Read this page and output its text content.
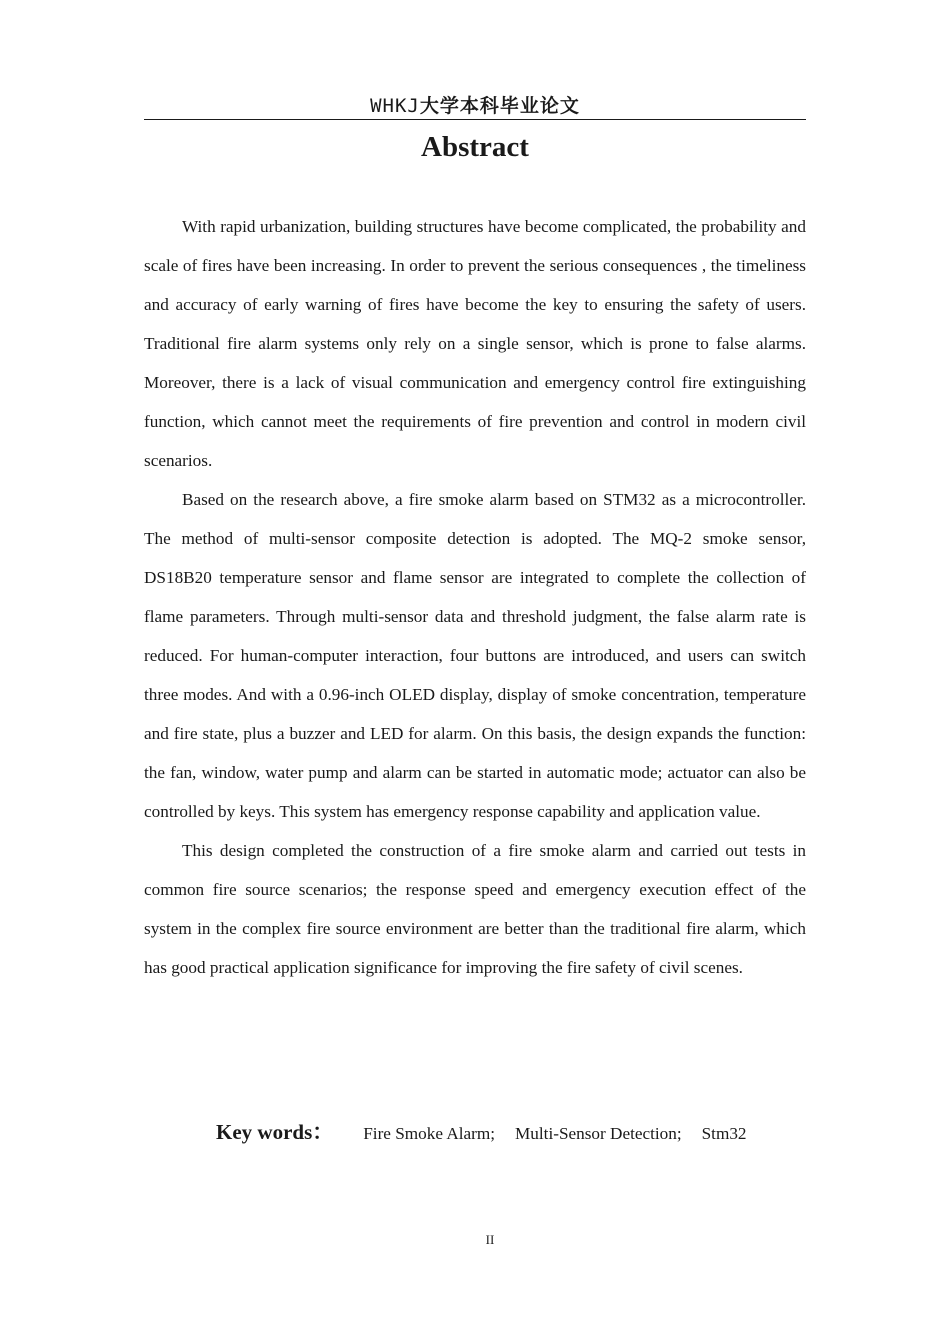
WHKJ大学本科毕业论文
Abstract

With rapid urbanization, building structures have become complicated, the probability and scale of fires have been increasing. In order to prevent the serious consequences , the timeliness and accuracy of early warning of fires have become the key to ensuring the safety of users. Traditional fire alarm systems only rely on a single sensor, which is prone to false alarms. Moreover, there is a lack of visual communication and emergency control fire extinguishing function, which cannot meet the requirements of fire prevention and control in modern civil scenarios.

Based on the research above, a fire smoke alarm based on STM32 as a microcontroller. The method of multi-sensor composite detection is adopted. The MQ-2 smoke sensor, DS18B20 temperature sensor and flame sensor are integrated to complete the collection of flame parameters. Through multi-sensor data and threshold judgment, the false alarm rate is reduced. For human-computer interaction, four buttons are introduced, and users can switch three modes. And with a 0.96-inch OLED display, display of smoke concentration, temperature and fire state, plus a buzzer and LED for alarm. On this basis, the design expands the function: the fan, window, water pump and alarm can be started in automatic mode; actuator can also be controlled by keys. This system has emergency response capability and application value.

This design completed the construction of a fire smoke alarm and carried out tests in common fire source scenarios; the response speed and emergency execution effect of the system in the complex fire source environment are better than the traditional fire alarm, which has good practical application significance for improving the fire safety of civil scenes.

Key words： Fire Smoke Alarm; Multi-Sensor Detection; Stm32
II
